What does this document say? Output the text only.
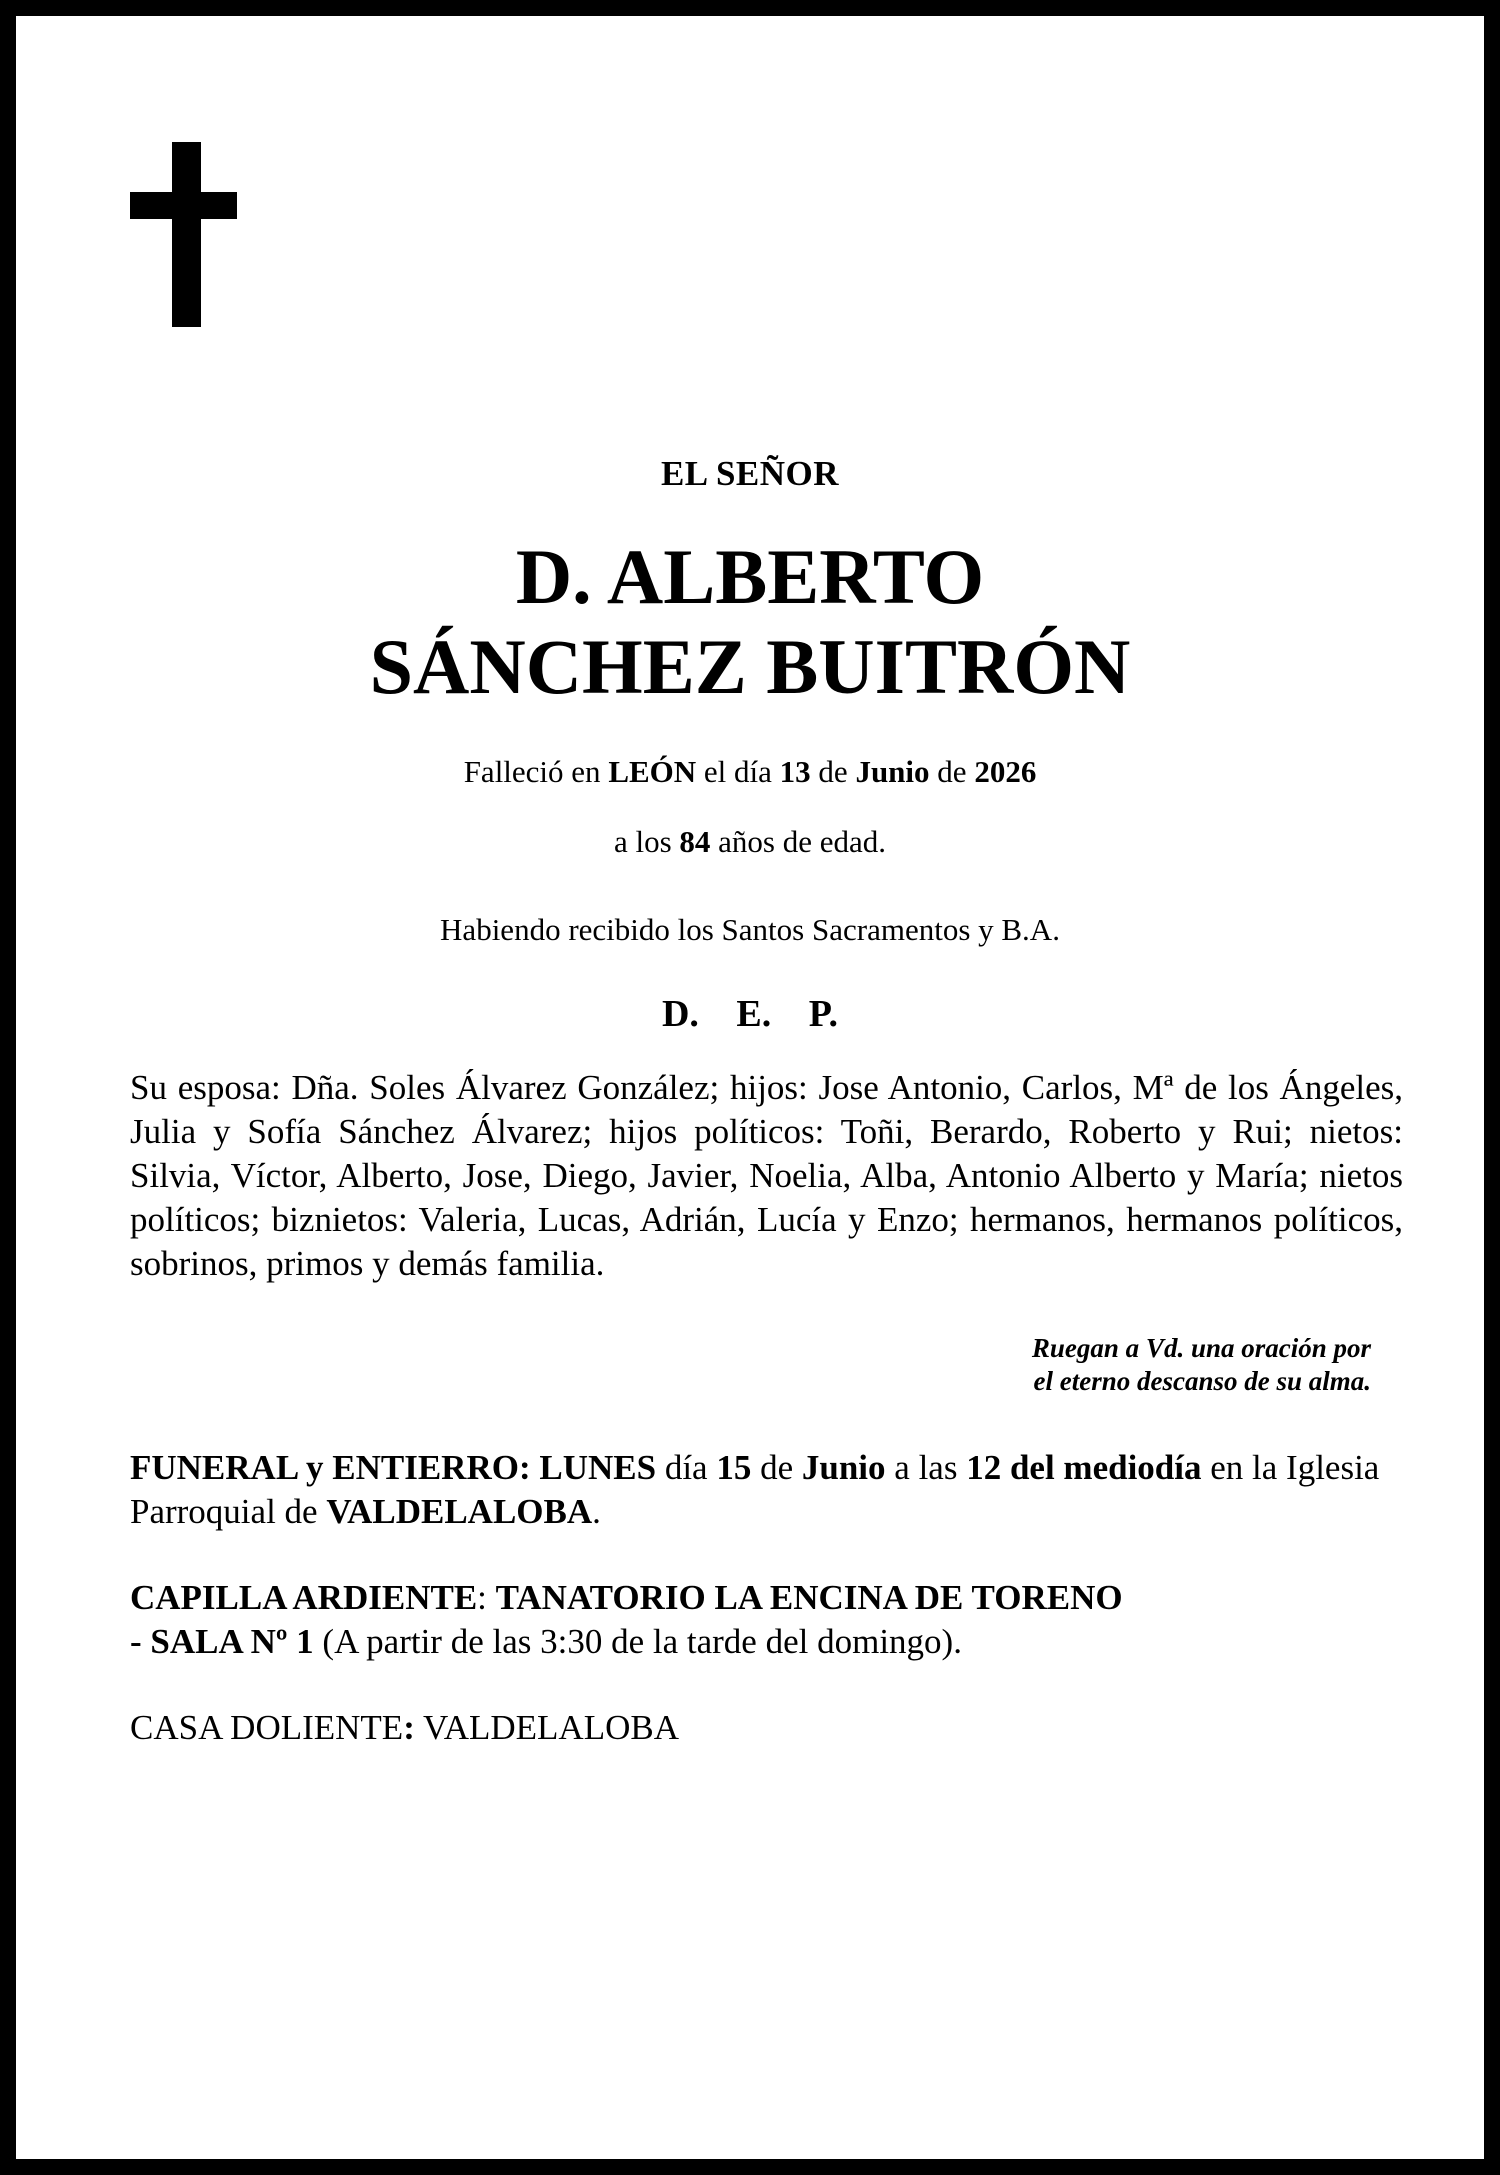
EL SEÑOR
D. ALBERTO
SÁNCHEZ BUITRÓN
Falleció en LEÓN el día 13 de Junio de 2026
a los 84 años de edad.
Habiendo recibido los Santos Sacramentos y B.A.
D. E. P.
Su esposa: Dña. Soles Álvarez González; hijos: Jose Antonio, Carlos, Mª de los Ángeles, Julia y Sofía Sánchez Álvarez; hijos políticos: Toñi, Berardo, Roberto y Rui; nietos: Silvia, Víctor, Alberto, Jose, Diego, Javier, Noelia, Alba, Antonio Alberto y María; nietos políticos; biznietos: Valeria, Lucas, Adrián, Lucía y Enzo; hermanos, hermanos políticos, sobrinos, primos y demás familia.
Ruegan a Vd. una oración por
el eterno descanso de su alma.
FUNERAL y ENTIERRO: LUNES día 15 de Junio a las 12 del mediodía en la Iglesia Parroquial de VALDELALOBA.
CAPILLA ARDIENTE: TANATORIO LA ENCINA DE TORENO
- SALA Nº 1 (A partir de las 3:30 de la tarde del domingo).
CASA DOLIENTE: VALDELALOBA
